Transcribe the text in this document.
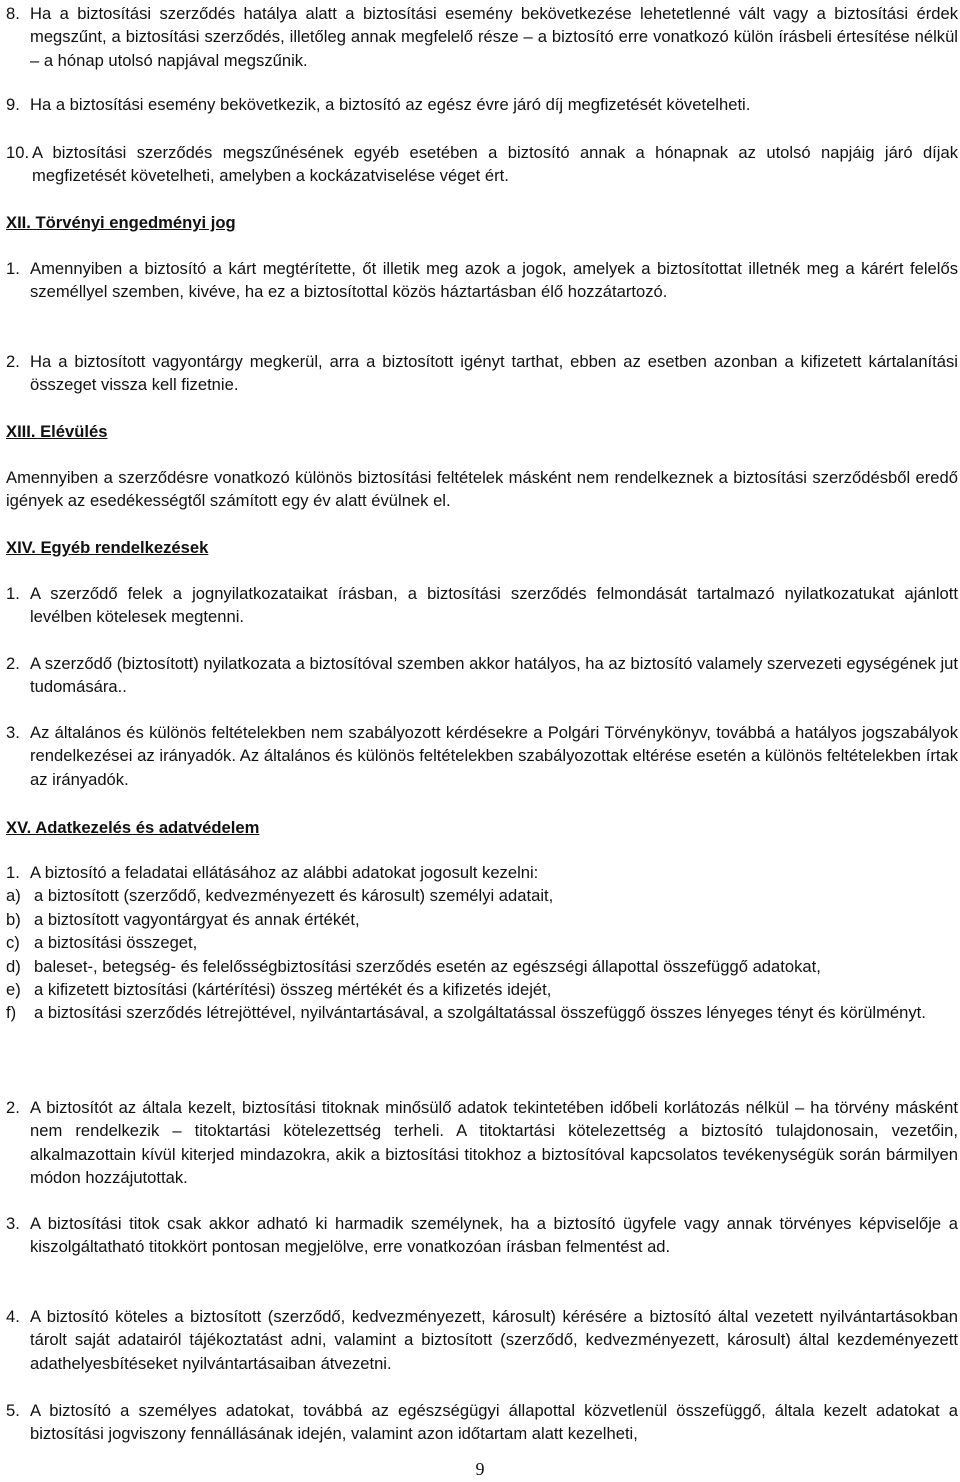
8. Ha a biztosítási szerződés hatálya alatt a biztosítási esemény bekövetkezése lehetetlenné vált vagy a biztosítási érdek megszűnt, a biztosítási szerződés, illetőleg annak megfelelő része – a biztosító erre vonatkozó külön írásbeli értesítése nélkül – a hónap utolsó napjával megszűnik.
9. Ha a biztosítási esemény bekövetkezik, a biztosító az egész évre járó díj megfizetését követelheti.
10. A biztosítási szerződés megszűnésének egyéb esetében a biztosító annak a hónapnak az utolsó napjáig járó díjak megfizetését követelheti, amelyben a kockázatviselése véget ért.
XII. Törvényi engedményi jog
1. Amennyiben a biztosító a kárt megtérítette, őt illetik meg azok a jogok, amelyek a biztosítottat illetnék meg a kárért felelős személlyel szemben, kivéve, ha ez a biztosítottal közös háztartásban élő hozzátartozó.
2. Ha a biztosított vagyontárgy megkerül, arra a biztosított igényt tarthat, ebben az esetben azonban a kifizetett kártalanítási összeget vissza kell fizetnie.
XIII. Elévülés
Amennyiben a szerződésre vonatkozó különös biztosítási feltételek másként nem rendelkeznek a biztosítási szerződésből eredő igények az esedékességtől számított egy év alatt évülnek el.
XIV. Egyéb rendelkezések
1. A szerződő felek a jognyilatkozataikat írásban, a biztosítási szerződés felmondását tartalmazó nyilatkozatukat ajánlott levélben kötelesek megtenni.
2. A szerződő (biztosított) nyilatkozata a biztosítóval szemben akkor hatályos, ha az biztosító valamely szervezeti egységének jut tudomására..
3. Az általános és különös feltételekben nem szabályozott kérdésekre a Polgári Törvénykönyv, továbbá a hatályos jogszabályok rendelkezései az irányadók. Az általános és különös feltételekben szabályozottak eltérése esetén a különös feltételekben írtak az irányadók.
XV. Adatkezelés és adatvédelem
1. A biztosító a feladatai ellátásához az alábbi adatokat jogosult kezelni:
a) a biztosított (szerződő, kedvezményezett és károsult) személyi adatait,
b) a biztosított vagyontárgyat és annak értékét,
c) a biztosítási összeget,
d) baleset-, betegség- és felelősségbiztosítási szerződés esetén az egészségi állapottal összefüggő adatokat,
e) a kifizetett biztosítási (kártérítési) összeg mértékét és a kifizetés idejét,
f)	a biztosítási szerződés létrejöttével, nyilvántartásával, a szolgáltatással összefüggő összes lényeges tényt és körülményt.
2. A biztosítót az általa kezelt, biztosítási titoknak minősülő adatok tekintetében időbeli korlátozás nélkül – ha törvény másként nem rendelkezik – titoktartási kötelezettség terheli. A titoktartási kötelezettség a biztosító tulajdonosain, vezetőin, alkalmazottain kívül kiterjed mindazokra, akik a biztosítási titokhoz a biztosítóval kapcsolatos tevékenységük során bármilyen módon hozzájutottak.
3. A biztosítási titok csak akkor adható ki harmadik személynek, ha a biztosító ügyfele vagy annak törvényes képviselője a kiszolgáltatható titokkört pontosan megjelölve, erre vonatkozóan írásban felmentést ad.
4. A biztosító köteles a biztosított (szerződő, kedvezményezett, károsult) kérésére a biztosító által vezetett nyilvántartásokban tárolt saját adatairól tájékoztatást adni, valamint a biztosított (szerződő, kedvezményezett, károsult) által kezdeményezett adathelyesbítéseket nyilvántartásaiban átvezetni.
5. A biztosító a személyes adatokat, továbbá az egészségügyi állapottal közvetlenül összefüggő, általa kezelt adatokat a biztosítási jogviszony fennállásának idején, valamint azon időtartam alatt kezelheti,
9
